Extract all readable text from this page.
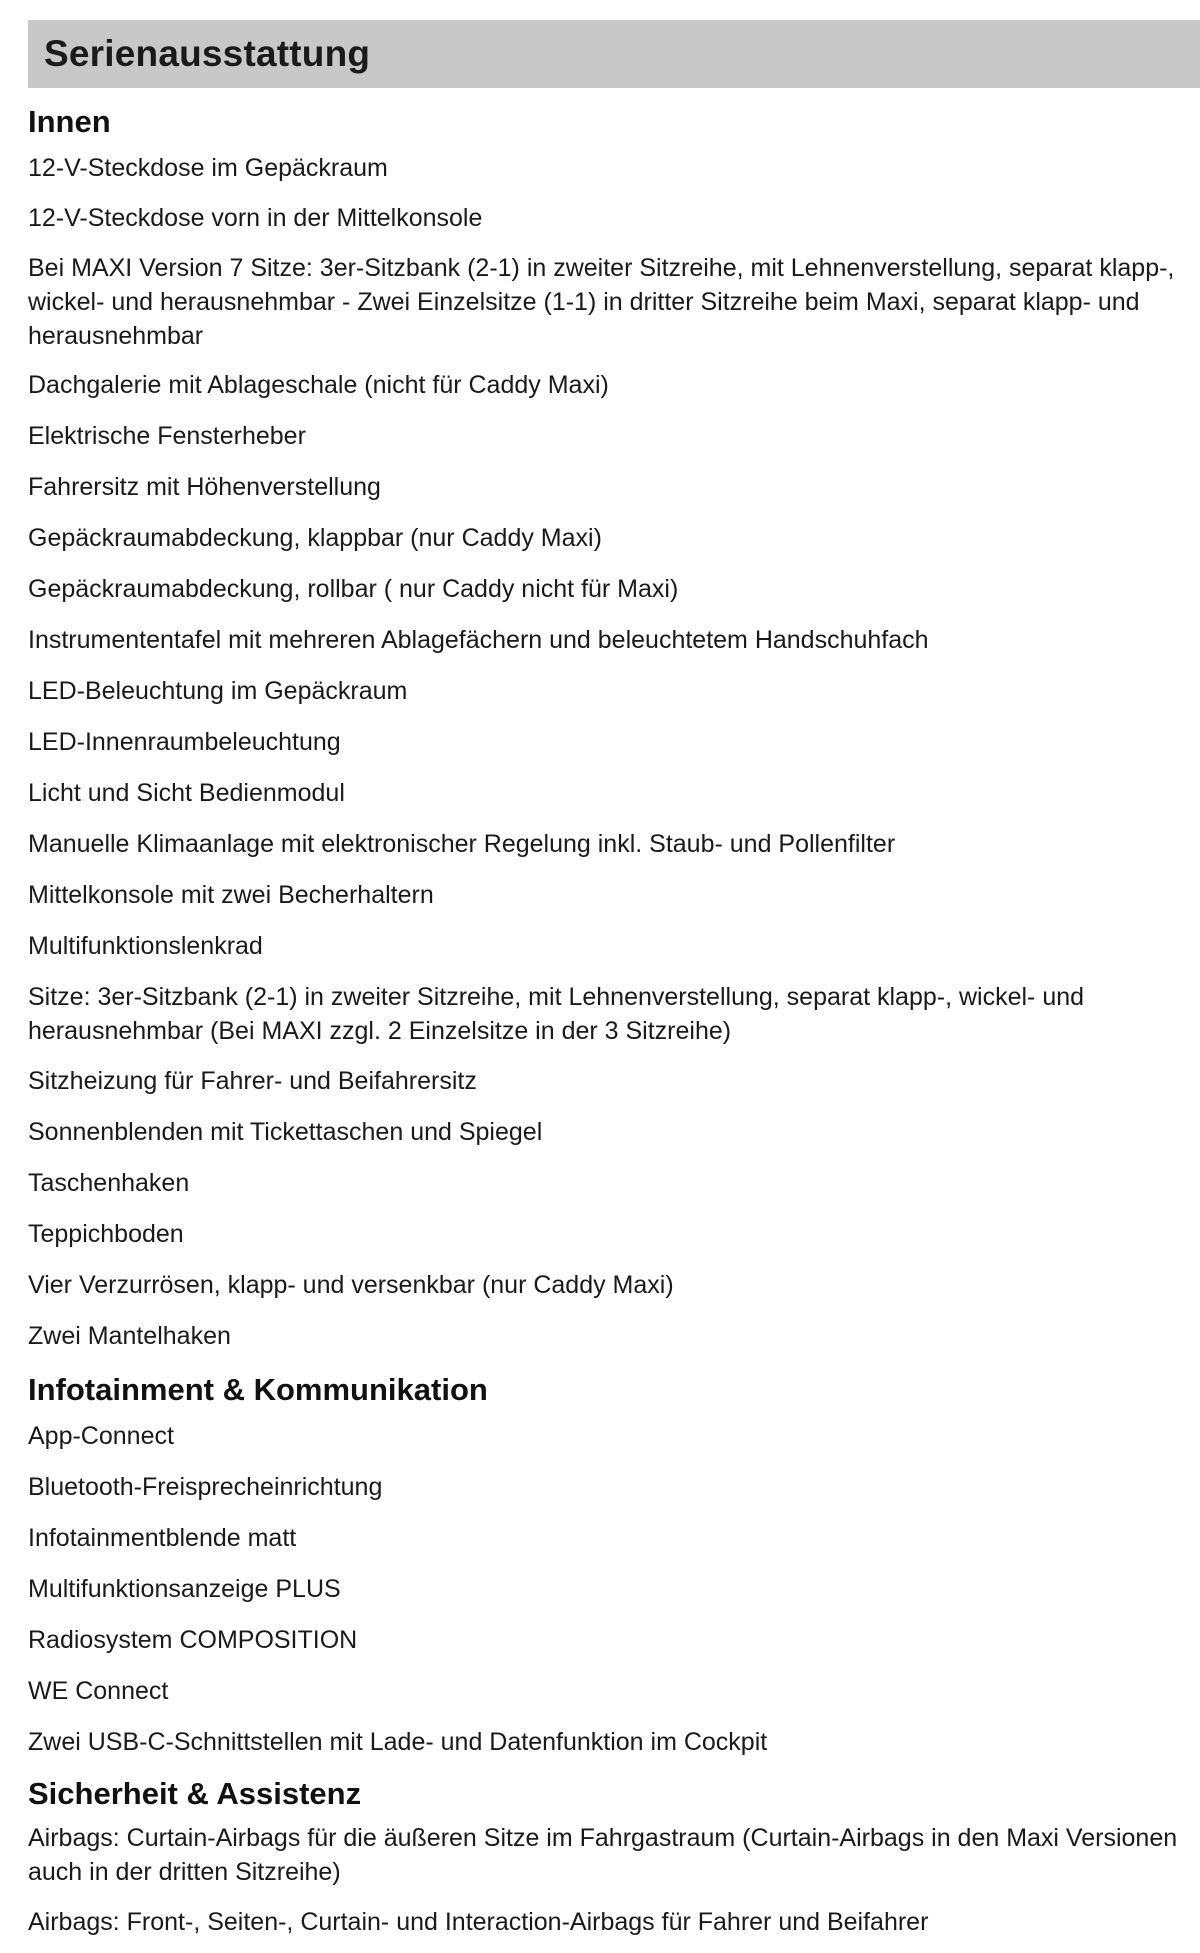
Serienausstattung
Innen
12-V-Steckdose im Gepäckraum
12-V-Steckdose vorn in der Mittelkonsole
Bei MAXI Version 7 Sitze: 3er-Sitzbank (2-1) in zweiter Sitzreihe, mit Lehnenverstellung, separat klapp-, wickel- und herausnehmbar - Zwei Einzelsitze (1-1) in dritter Sitzreihe beim Maxi, separat klapp- und herausnehmbar
Dachgalerie mit Ablageschale (nicht für Caddy Maxi)
Elektrische Fensterheber
Fahrersitz mit Höhenverstellung
Gepäckraumabdeckung, klappbar (nur Caddy Maxi)
Gepäckraumabdeckung, rollbar ( nur Caddy nicht für Maxi)
Instrumententafel mit mehreren Ablagefächern und beleuchtetem Handschuhfach
LED-Beleuchtung im Gepäckraum
LED-Innenraumbeleuchtung
Licht und Sicht Bedienmodul
Manuelle Klimaanlage mit elektronischer Regelung inkl. Staub- und Pollenfilter
Mittelkonsole mit zwei Becherhaltern
Multifunktionslenkrad
Sitze: 3er-Sitzbank (2-1) in zweiter Sitzreihe, mit Lehnenverstellung, separat klapp-, wickel- und herausnehmbar (Bei MAXI zzgl. 2 Einzelsitze in der 3 Sitzreihe)
Sitzheizung für Fahrer- und Beifahrersitz
Sonnenblenden mit Tickettaschen und Spiegel
Taschenhaken
Teppichboden
Vier Verzurrösen, klapp- und versenkbar (nur Caddy Maxi)
Zwei Mantelhaken
Infotainment & Kommunikation
App-Connect
Bluetooth-Freisprecheinrichtung
Infotainmentblende matt
Multifunktionsanzeige PLUS
Radiosystem COMPOSITION
WE Connect
Zwei USB-C-Schnittstellen mit Lade- und Datenfunktion im Cockpit
Sicherheit & Assistenz
Airbags: Curtain-Airbags für die äußeren Sitze im Fahrgastraum (Curtain-Airbags in den Maxi Versionen auch in der dritten Sitzreihe)
Airbags: Front-, Seiten-, Curtain- und Interaction-Airbags für Fahrer und Beifahrer
